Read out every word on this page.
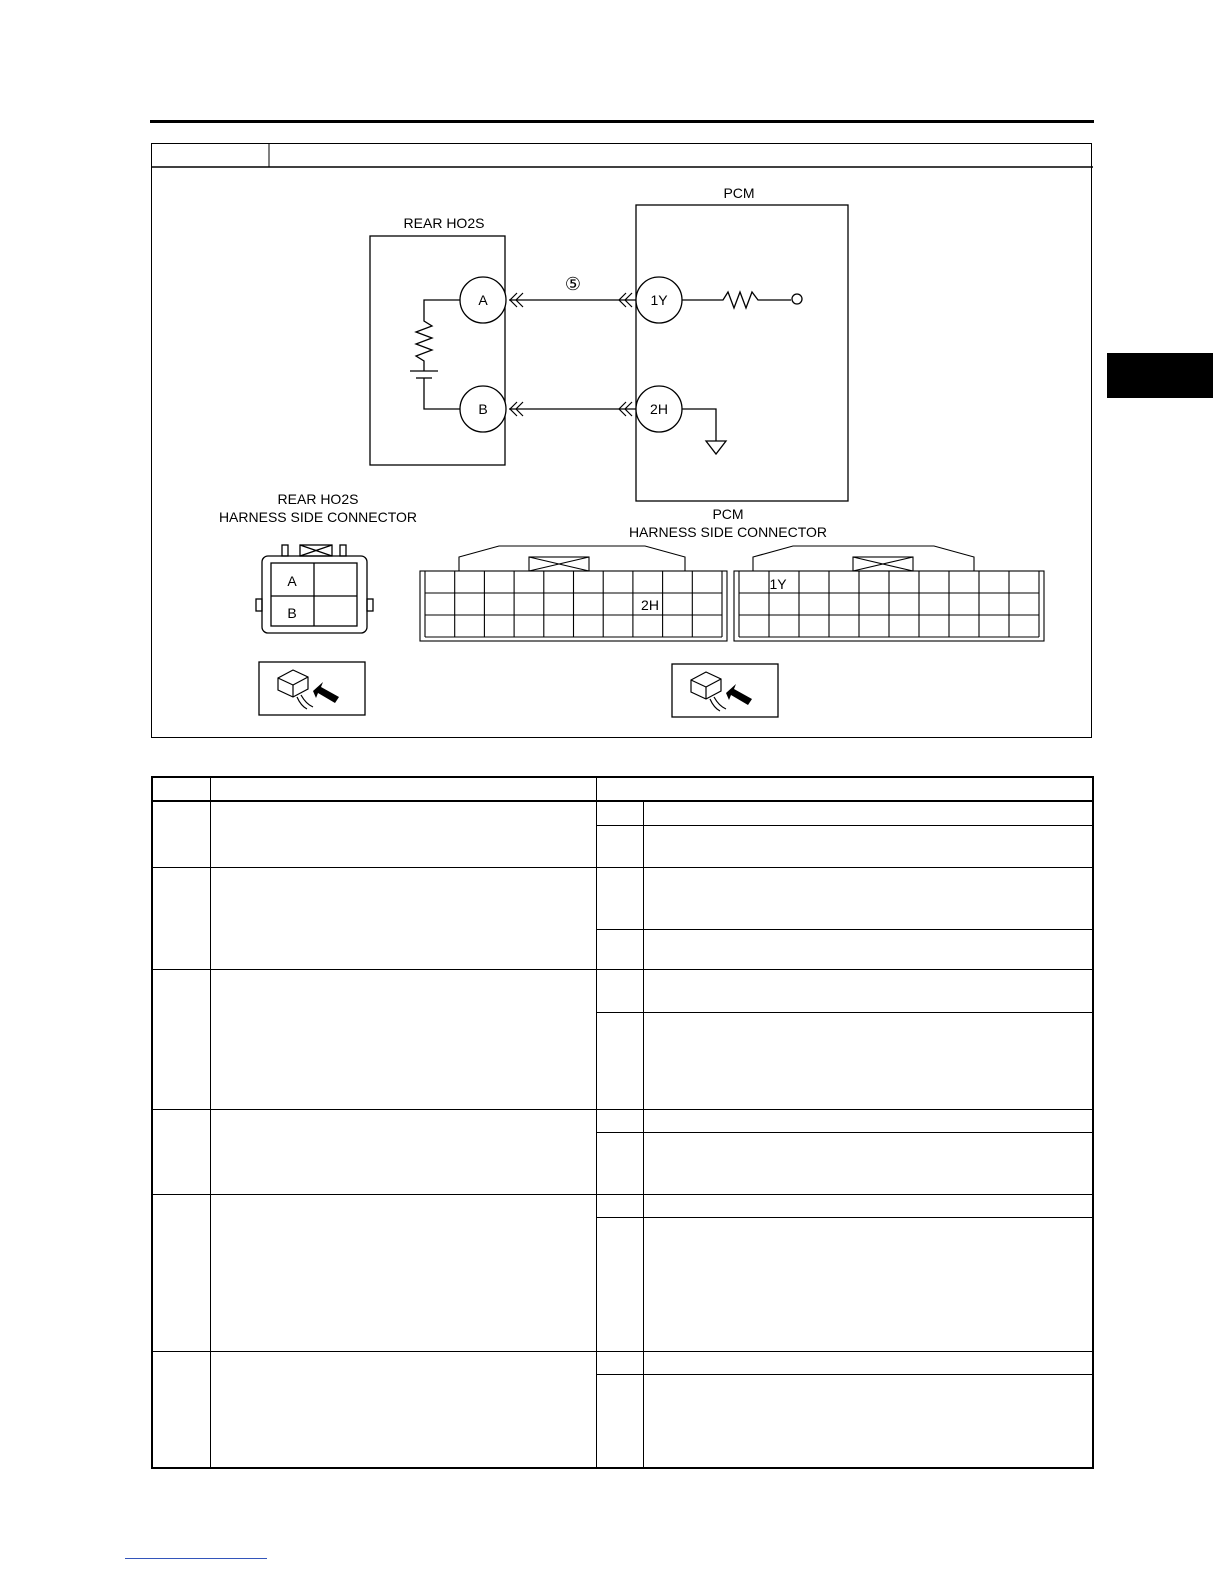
REAR HO2S
A
B
⑤
PCM
1Y
2H
REAR HO2S
HARNESS SIDE CONNECTOR
A
B
PCM
HARNESS SIDE CONNECTOR
2H
1Y
